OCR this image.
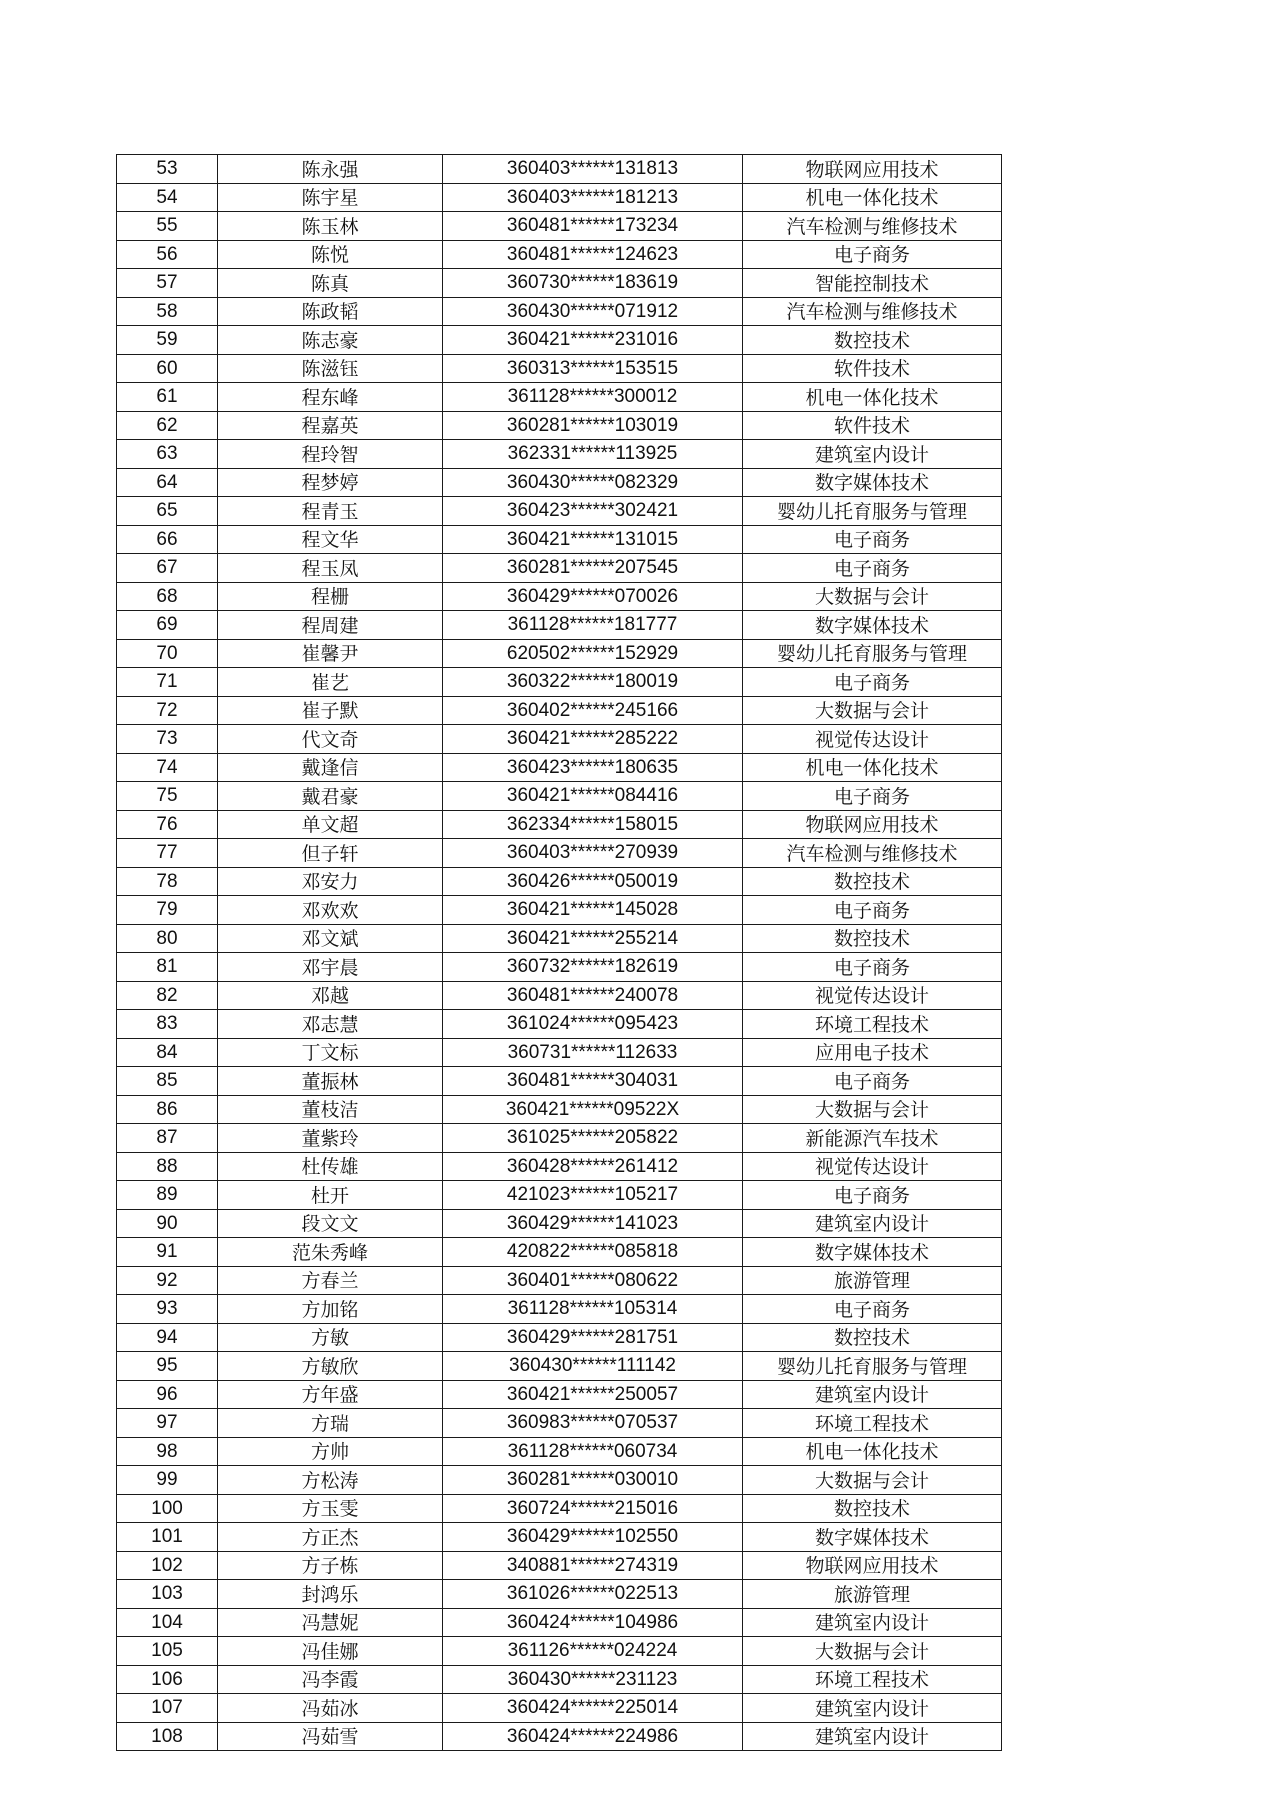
53	陈永强	360403******131813	物联网应用技术
54	陈宇星	360403******181213	机电一体化技术
55	陈玉林	360481******173234	汽车检测与维修技术
56	陈悦	360481******124623	电子商务
57	陈真	360730******183619	智能控制技术
58	陈政韬	360430******071912	汽车检测与维修技术
59	陈志豪	360421******231016	数控技术
60	陈滋钰	360313******153515	软件技术
61	程东峰	361128******300012	机电一体化技术
62	程嘉英	360281******103019	软件技术
63	程玲智	362331******113925	建筑室内设计
64	程梦婷	360430******082329	数字媒体技术
65	程青玉	360423******302421	婴幼儿托育服务与管理
66	程文华	360421******131015	电子商务
67	程玉凤	360281******207545	电子商务
68	程栅	360429******070026	大数据与会计
69	程周建	361128******181777	数字媒体技术
70	崔馨尹	620502******152929	婴幼儿托育服务与管理
71	崔艺	360322******180019	电子商务
72	崔子默	360402******245166	大数据与会计
73	代文奇	360421******285222	视觉传达设计
74	戴逢信	360423******180635	机电一体化技术
75	戴君豪	360421******084416	电子商务
76	单文超	362334******158015	物联网应用技术
77	但子轩	360403******270939	汽车检测与维修技术
78	邓安力	360426******050019	数控技术
79	邓欢欢	360421******145028	电子商务
80	邓文斌	360421******255214	数控技术
81	邓宇晨	360732******182619	电子商务
82	邓越	360481******240078	视觉传达设计
83	邓志慧	361024******095423	环境工程技术
84	丁文标	360731******112633	应用电子技术
85	董振林	360481******304031	电子商务
86	董枝洁	360421******09522X	大数据与会计
87	董紫玲	361025******205822	新能源汽车技术
88	杜传雄	360428******261412	视觉传达设计
89	杜开	421023******105217	电子商务
90	段文文	360429******141023	建筑室内设计
91	范朱秀峰	420822******085818	数字媒体技术
92	方春兰	360401******080622	旅游管理
93	方加铭	361128******105314	电子商务
94	方敏	360429******281751	数控技术
95	方敏欣	360430******111142	婴幼儿托育服务与管理
96	方年盛	360421******250057	建筑室内设计
97	方瑞	360983******070537	环境工程技术
98	方帅	361128******060734	机电一体化技术
99	方松涛	360281******030010	大数据与会计
100	方玉雯	360724******215016	数控技术
101	方正杰	360429******102550	数字媒体技术
102	方子栋	340881******274319	物联网应用技术
103	封鸿乐	361026******022513	旅游管理
104	冯慧妮	360424******104986	建筑室内设计
105	冯佳娜	361126******024224	大数据与会计
106	冯李霞	360430******231123	环境工程技术
107	冯茹冰	360424******225014	建筑室内设计
108	冯茹雪	360424******224986	建筑室内设计
